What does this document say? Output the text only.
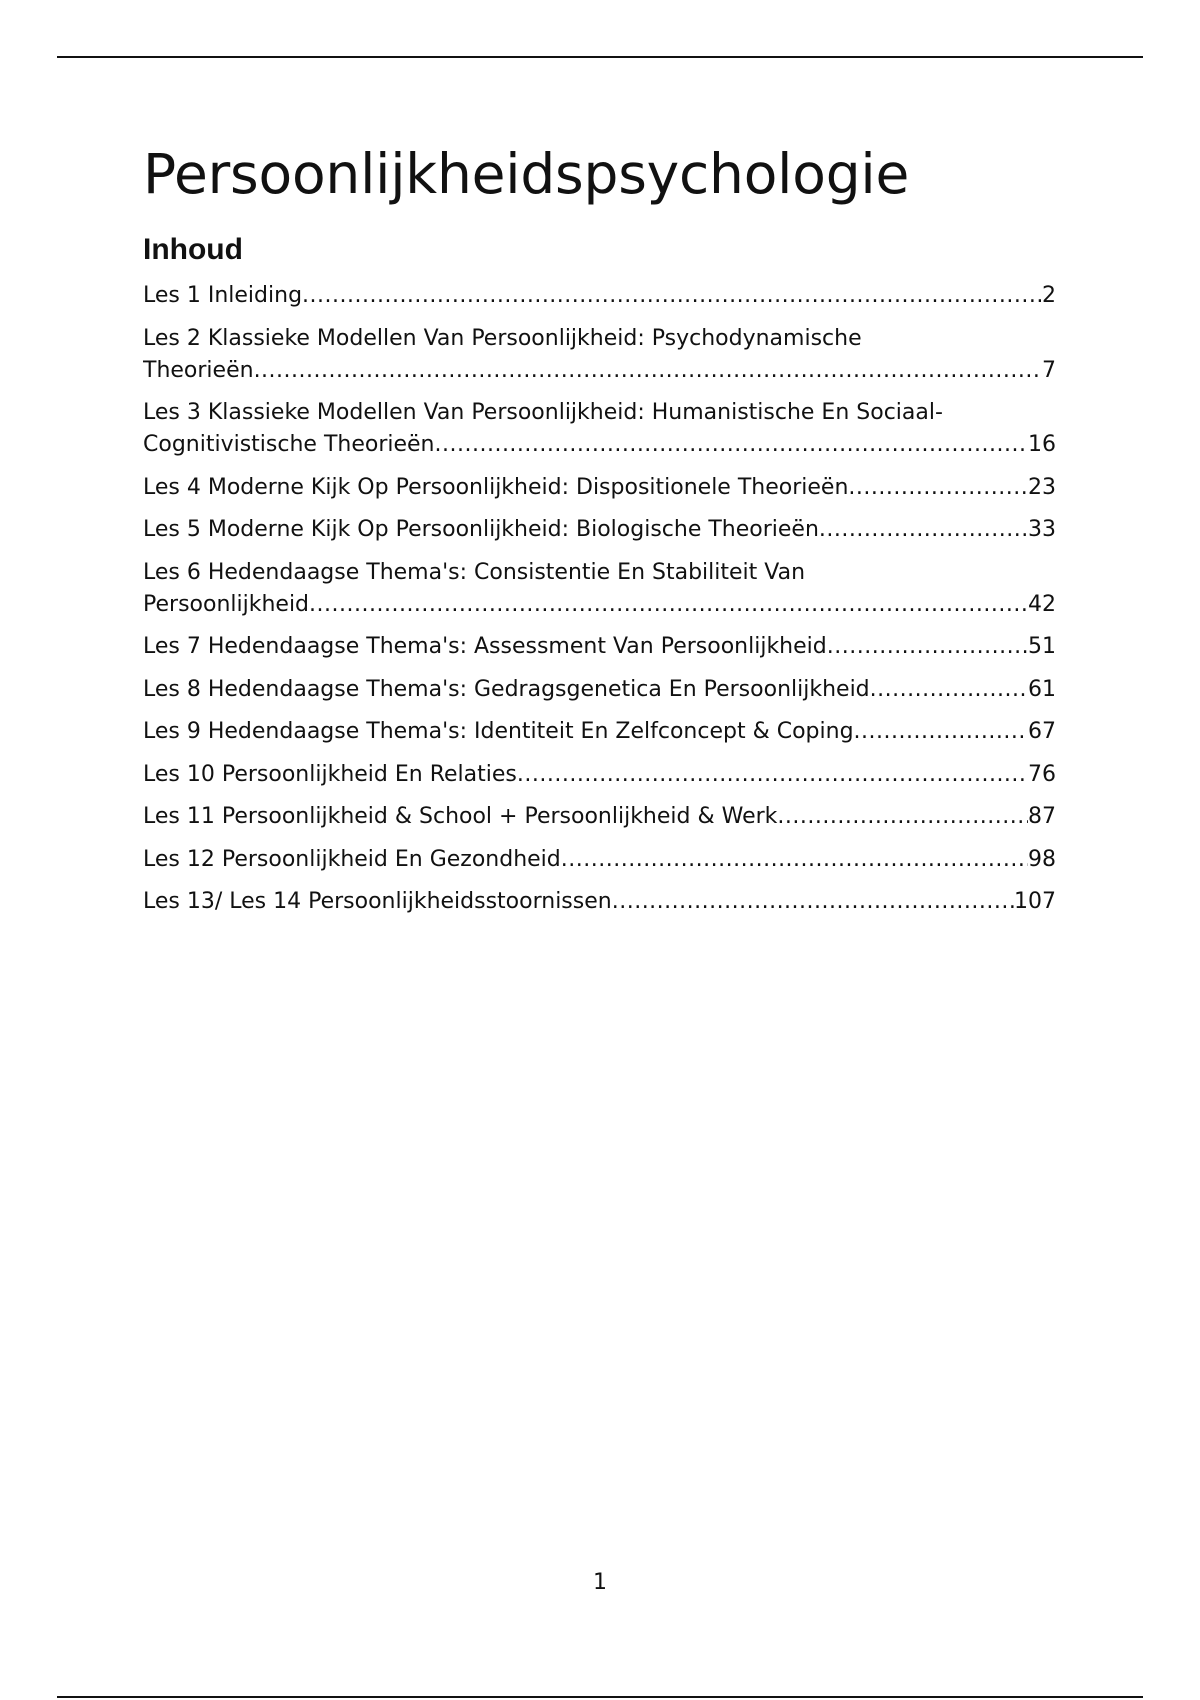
Persoonlijkheidspsychologie
Inhoud
Les 1 Inleiding .....	2
Les 2 Klassieke Modellen Van Persoonlijkheid: Psychodynamische
Theorieën .....	7
Les 3 Klassieke Modellen Van Persoonlijkheid: Humanistische En Sociaal-
Cognitivistische Theorieën .....	16
Les 4 Moderne Kijk Op Persoonlijkheid: Dispositionele Theorieën .....	23
Les 5 Moderne Kijk Op Persoonlijkheid: Biologische Theorieën .....	33
Les 6 Hedendaagse Thema's: Consistentie En Stabiliteit Van
Persoonlijkheid .....	42
Les 7 Hedendaagse Thema's: Assessment Van Persoonlijkheid .....	51
Les 8 Hedendaagse Thema's: Gedragsgenetica En Persoonlijkheid .....	61
Les 9 Hedendaagse Thema's: Identiteit En Zelfconcept & Coping .....	67
Les 10 Persoonlijkheid En Relaties .....	76
Les 11 Persoonlijkheid & School + Persoonlijkheid & Werk .....	87
Les 12 Persoonlijkheid En Gezondheid .....	98
Les 13/ Les 14 Persoonlijkheidsstoornissen .....	107
1
